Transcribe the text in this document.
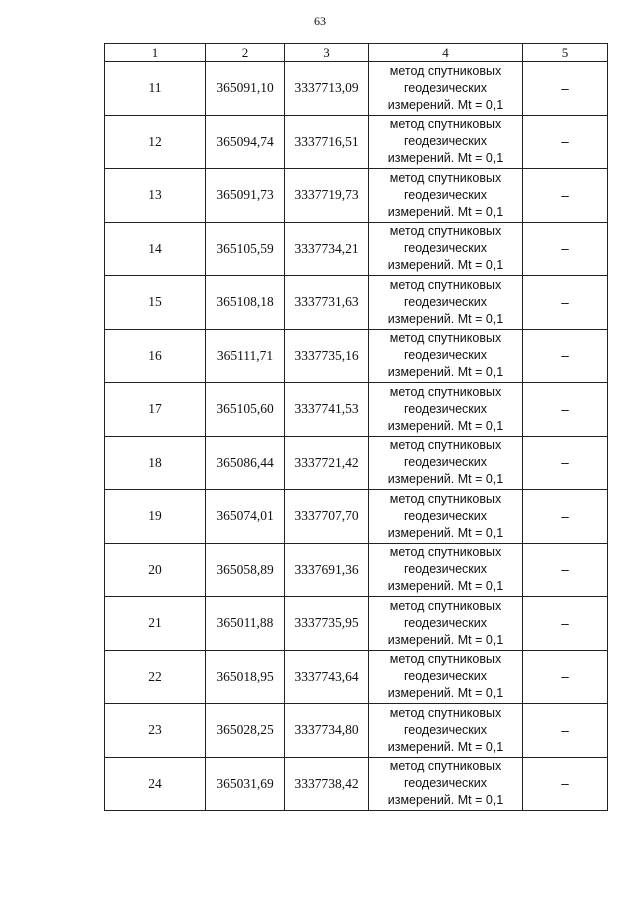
63
1	2	3	4	5
11	365091,10	3337713,09	метод спутниковых
геодезических
измерений. Mt = 0,1	–
12	365094,74	3337716,51	метод спутниковых
геодезических
измерений. Mt = 0,1	–
13	365091,73	3337719,73	метод спутниковых
геодезических
измерений. Mt = 0,1	–
14	365105,59	3337734,21	метод спутниковых
геодезических
измерений. Mt = 0,1	–
15	365108,18	3337731,63	метод спутниковых
геодезических
измерений. Mt = 0,1	–
16	365111,71	3337735,16	метод спутниковых
геодезических
измерений. Mt = 0,1	–
17	365105,60	3337741,53	метод спутниковых
геодезических
измерений. Mt = 0,1	–
18	365086,44	3337721,42	метод спутниковых
геодезических
измерений. Mt = 0,1	–
19	365074,01	3337707,70	метод спутниковых
геодезических
измерений. Mt = 0,1	–
20	365058,89	3337691,36	метод спутниковых
геодезических
измерений. Mt = 0,1	–
21	365011,88	3337735,95	метод спутниковых
геодезических
измерений. Mt = 0,1	–
22	365018,95	3337743,64	метод спутниковых
геодезических
измерений. Mt = 0,1	–
23	365028,25	3337734,80	метод спутниковых
геодезических
измерений. Mt = 0,1	–
24	365031,69	3337738,42	метод спутниковых
геодезических
измерений. Mt = 0,1	–
